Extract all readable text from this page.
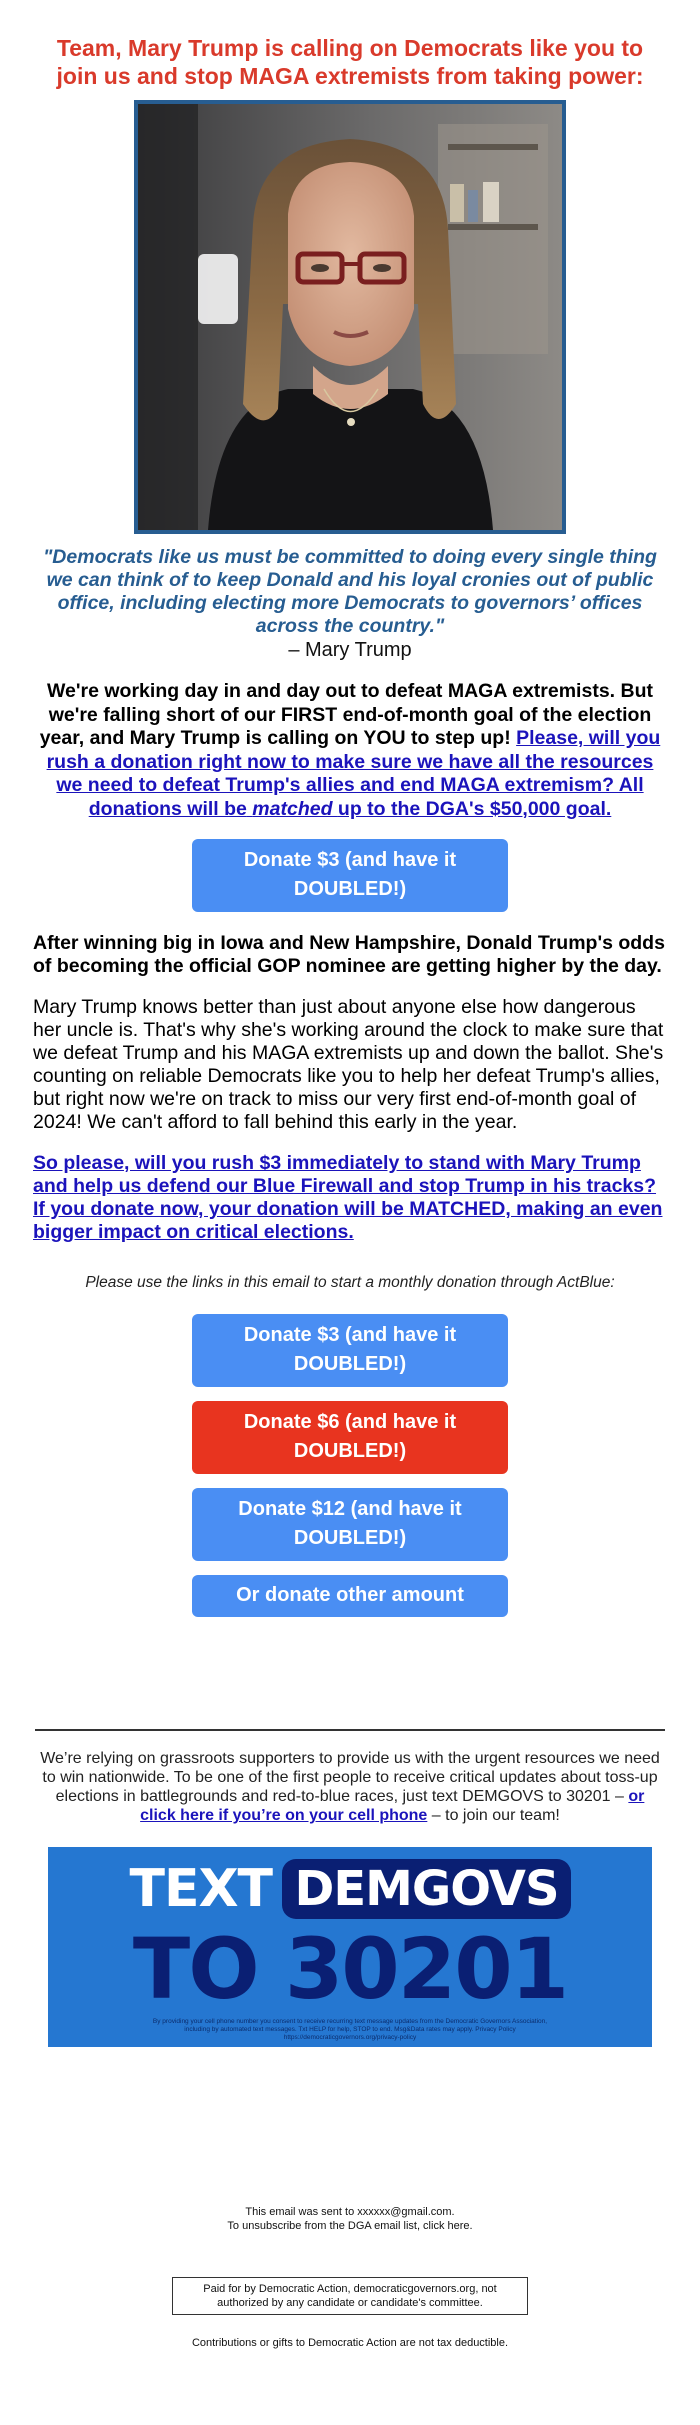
Team, Mary Trump is calling on Democrats like you to join us and stop MAGA extremists from taking power:
"Democrats like us must be committed to doing every single thing we can think of to keep Donald and his loyal cronies out of public office, including electing more Democrats to governors’ offices across the country."
– Mary Trump
We're working day in and day out to defeat MAGA extremists. But we're falling short of our FIRST end-of-month goal of the election year, and Mary Trump is calling on YOU to step up! Please, will you rush a donation right now to make sure we have all the resources we need to defeat Trump's allies and end MAGA extremism? All donations will be matched up to the DGA's $50,000 goal.
Donate $3 (and have it DOUBLED!)
After winning big in Iowa and New Hampshire, Donald Trump's odds of becoming the official GOP nominee are getting higher by the day.
Mary Trump knows better than just about anyone else how dangerous her uncle is. That's why she's working around the clock to make sure that we defeat Trump and his MAGA extremists up and down the ballot. She's counting on reliable Democrats like you to help her defeat Trump's allies, but right now we're on track to miss our very first end-of-month goal of 2024! We can't afford to fall behind this early in the year.
So please, will you rush $3 immediately to stand with Mary Trump and help us defend our Blue Firewall and stop Trump in his tracks? If you donate now, your donation will be MATCHED, making an even bigger impact on critical elections.
Please use the links in this email to start a monthly donation through ActBlue:
Donate $3 (and have it DOUBLED!)
Donate $6 (and have it DOUBLED!)
Donate $12 (and have it DOUBLED!)
Or donate other amount
We’re relying on grassroots supporters to provide us with the urgent resources we need to win nationwide. To be one of the first people to receive critical updates about toss-up elections in battlegrounds and red-to-blue races, just text DEMGOVS to 30201 – or click here if you’re on your cell phone – to join our team!
TEXT DEMGOVS
TO 30201
By providing your cell phone number you consent to receive recurring text message updates from the Democratic Governors Association, including by automated text messages. Txt HELP for help, STOP to end. Msg&Data rates may apply. Privacy Policy https://democraticgovernors.org/privacy-policy
This email was sent to xxxxxx@gmail.com.
To unsubscribe from the DGA email list, click here.
Paid for by Democratic Action, democraticgovernors.org, not authorized by any candidate or candidate's committee.
Contributions or gifts to Democratic Action are not tax deductible.
